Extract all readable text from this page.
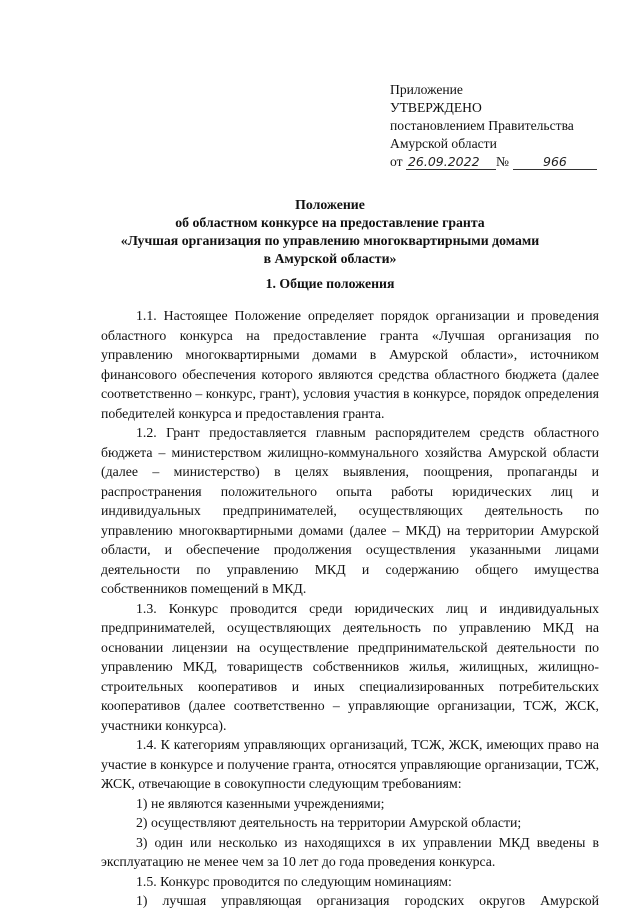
Приложение
УТВЕРЖДЕНО
постановлением Правительства
Амурской области
от 26.09.2022 №	966
Положение
об областном конкурсе на предоставление гранта
«Лучшая организация по управлению многоквартирными домами
в Амурской области»
1. Общие положения

1.1. Настоящее Положение определяет порядок организации и проведения областного конкурса на предоставление гранта «Лучшая организация по управлению многоквартирными домами в Амурской области», источником финансового обеспечения которого являются средства областного бюджета (далее соответственно – конкурс, грант), условия участия в конкурсе, порядок определения победителей конкурса и предоставления гранта.

1.2. Грант предоставляется главным распорядителем средств областного бюджета – министерством жилищно-коммунального хозяйства Амурской области (далее – министерство) в целях выявления, поощрения, пропаганды и распространения положительного опыта работы юридических лиц и индивидуальных предпринимателей, осуществляющих деятельность по управлению многоквартирными домами (далее – МКД) на территории Амурской области, и обеспечение продолжения осуществления указанными лицами деятельности по управлению МКД и содержанию общего имущества собственников помещений в МКД.

1.3. Конкурс проводится среди юридических лиц и индивидуальных предпринимателей, осуществляющих деятельность по управлению МКД на основании лицензии на осуществление предпринимательской деятельности по управлению МКД, товариществ собственников жилья, жилищных, жилищно-строительных кооперативов и иных специализированных потребительских кооперативов (далее соответственно – управляющие организации, ТСЖ, ЖСК, участники конкурса).

1.4. К категориям управляющих организаций, ТСЖ, ЖСК, имеющих право на участие в конкурсе и получение гранта, относятся управляющие организации, ТСЖ, ЖСК, отвечающие в совокупности следующим требованиям:

1) не являются казенными учреждениями;

2) осуществляют деятельность на территории Амурской области;

3) один или несколько из находящихся в их управлении МКД введены в эксплуатацию не менее чем за 10 лет до года проведения конкурса.

1.5. Конкурс проводится по следующим номинациям:

1) лучшая управляющая организация городских округов Амурской
